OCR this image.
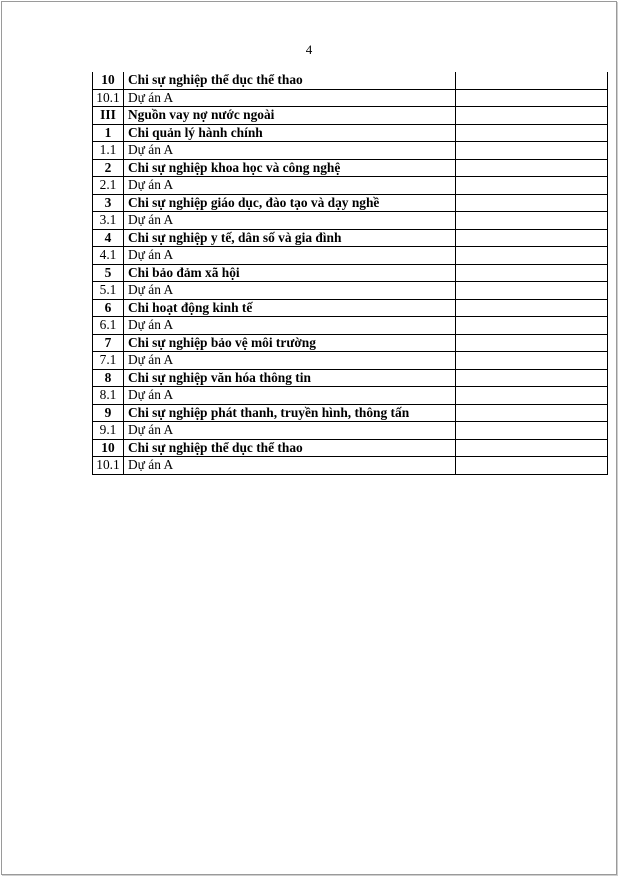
4
10	Chi sự nghiệp thể dục thể thao	
10.1	Dự án A	
III	Nguồn vay nợ nước ngoài	
1	Chi quản lý hành chính	
1.1	Dự án A	
2	Chi sự nghiệp khoa học và công nghệ	
2.1	Dự án A	
3	Chi sự nghiệp giáo dục, đào tạo và dạy nghề	
3.1	Dự án A	
4	Chi sự nghiệp y tế, dân số và gia đình	
4.1	Dự án A	
5	Chi bảo đảm xã hội	
5.1	Dự án A	
6	Chi hoạt động kinh tế	
6.1	Dự án A	
7	Chi sự nghiệp bảo vệ môi trường	
7.1	Dự án A	
8	Chi sự nghiệp văn hóa thông tin	
8.1	Dự án A	
9	Chi sự nghiệp phát thanh, truyền hình, thông tấn	
9.1	Dự án A	
10	Chi sự nghiệp thể dục thể thao	
10.1	Dự án A	
